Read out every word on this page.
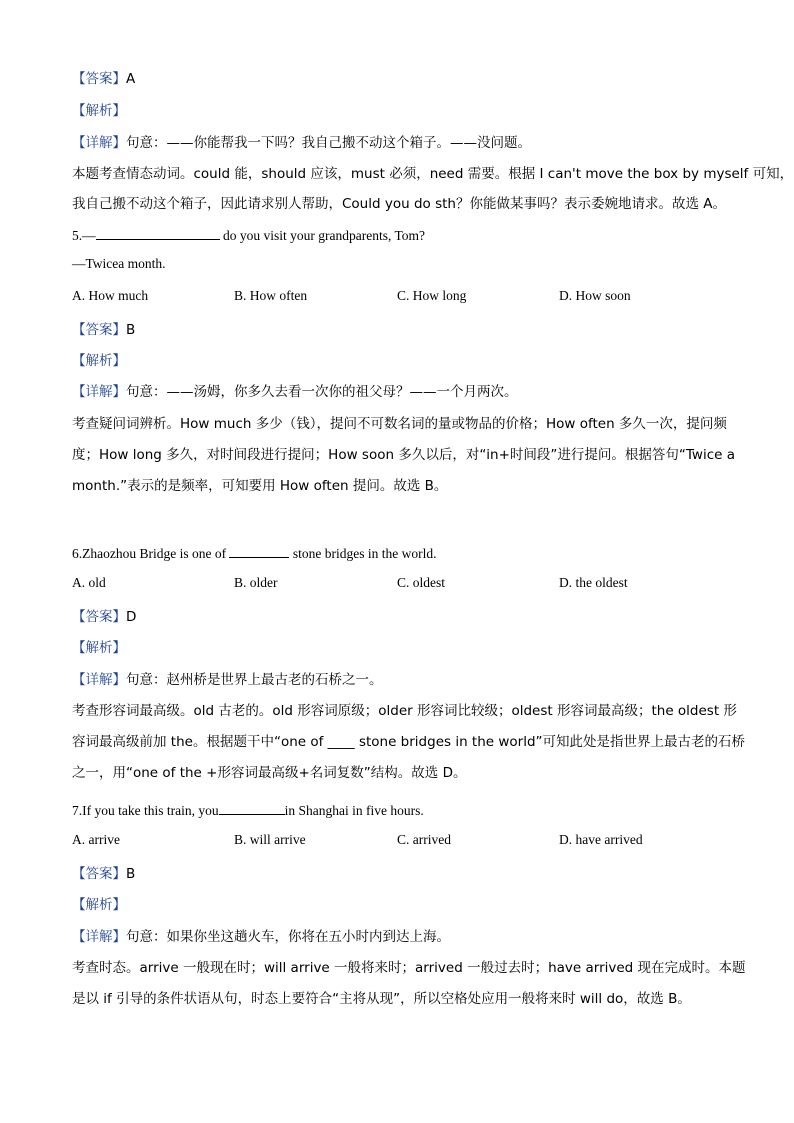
【答案】A
【解析】
【详解】句意：——你能帮我一下吗？我自己搬不动这个箱子。——没问题。
本题考查情态动词。could 能，should 应该，must 必须，need 需要。根据 I can't move the box by myself 可知，
我自己搬不动这个箱子，因此请求别人帮助，Could you do sth？你能做某事吗？表示委婉地请求。故选 A。
5.—	do you visit your grandparents, Tom?
—Twicea month.
A. How much	B. How often	C. How long	D. How soon
【答案】B
【解析】
【详解】句意：——汤姆，你多久去看一次你的祖父母？——一个月两次。
考查疑问词辨析。How much 多少（钱），提问不可数名词的量或物品的价格；How often 多久一次，提问频
度；How long 多久，对时间段进行提问；How soon 多久以后，对“in+时间段”进行提问。根据答句“Twice a
month.”表示的是频率，可知要用 How often 提问。故选 B。
6.Zhaozhou Bridge is one of	stone bridges in the world.
A. old	B. older	C. oldest	D. the oldest
【答案】D
【解析】
【详解】句意：赵州桥是世界上最古老的石桥之一。
考查形容词最高级。old 古老的。old 形容词原级；older 形容词比较级；oldest 形容词最高级；the oldest 形
容词最高级前加 the。根据题干中“one of ____ stone bridges in the world”可知此处是指世界上最古老的石桥
之一，用“one of the +形容词最高级+名词复数”结构。故选 D。
7.If you take this train, you	in Shanghai in five hours.
A. arrive	B. will arrive	C. arrived	D. have arrived
【答案】B
【解析】
【详解】句意：如果你坐这趟火车，你将在五小时内到达上海。
考查时态。arrive 一般现在时；will arrive 一般将来时；arrived 一般过去时；have arrived 现在完成时。本题
是以 if 引导的条件状语从句，时态上要符合“主将从现”，所以空格处应用一般将来时 will do，故选 B。
